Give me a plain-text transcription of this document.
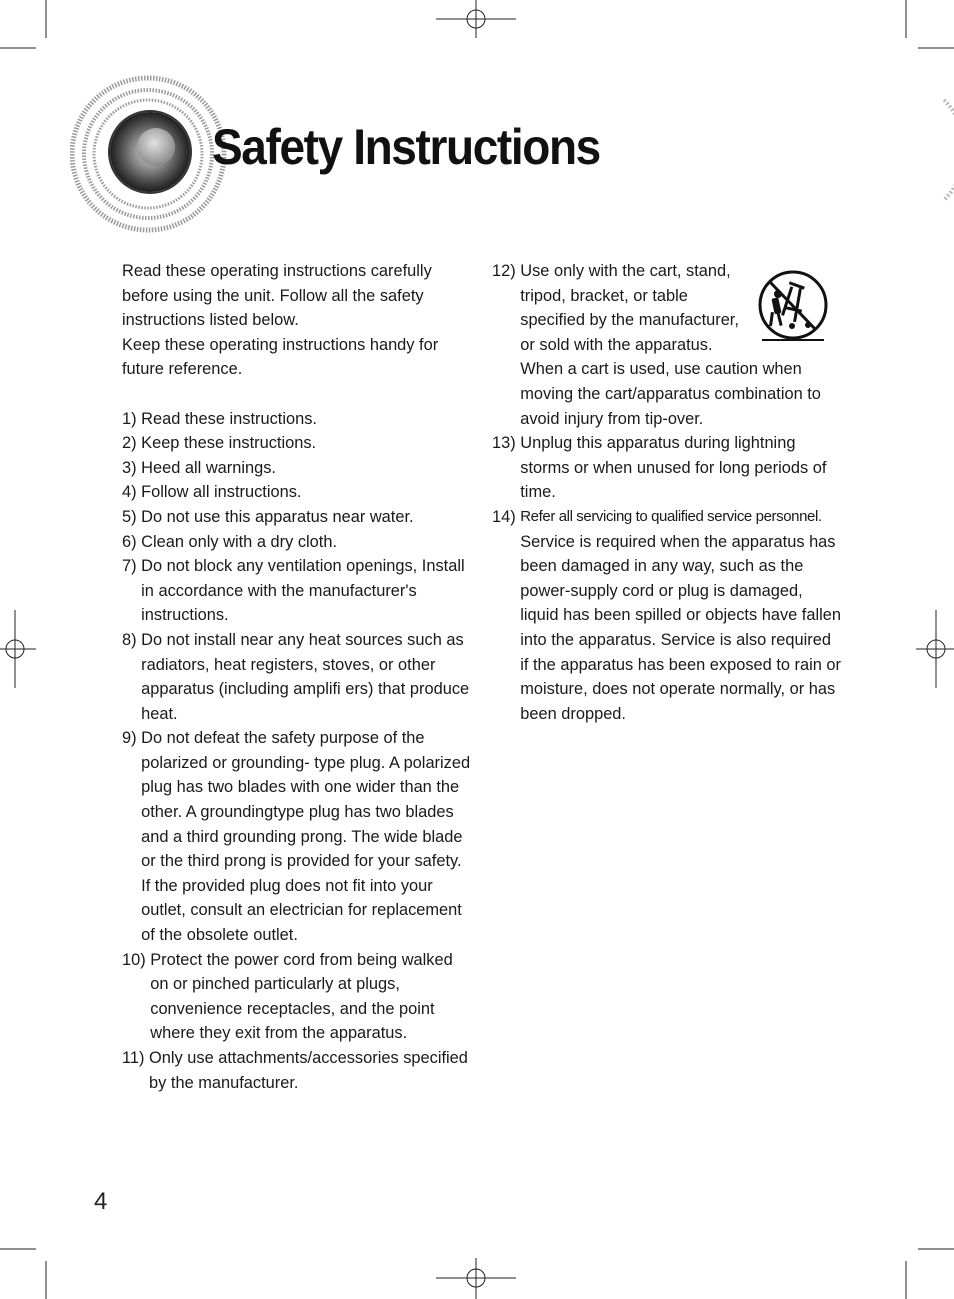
Safety Instructions

Read these operating instructions carefully

before using the unit. Follow all the safety

instructions listed below.

Keep these operating instructions handy for

future reference.

1) Read these instructions.
2) Keep these instructions.
3) Heed all warnings.
4) Follow all instructions.
5) Do not use this apparatus near water.
6) Clean only with a dry cloth.
7) Do not block any ventilation openings, Install
in accordance with the manufacturer's
instructions.
8) Do not install near any heat sources such as
radiators, heat registers, stoves, or other
apparatus (including amplifi ers) that produce
heat.
9) Do not defeat the safety purpose of the
polarized or grounding- type plug. A polarized
plug has two blades with one wider than the
other. A groundingtype plug has two blades
and a third grounding prong. The wide blade
or the third prong is provided for your safety.
If the provided plug does not fit into your
outlet, consult an electrician for replacement
of the obsolete outlet.
10) Protect the power cord from being walked
on or pinched particularly at plugs,
convenience receptacles, and the point
where they exit from the apparatus.
11) Only use attachments/accessories specified
by the manufacturer.
12) Use only with the cart, stand,
tripod, bracket, or table
specified by the manufacturer,
or sold with the apparatus.
When a cart is used, use caution when
moving the cart/apparatus combination to
avoid injury from tip-over.
13) Unplug this apparatus during lightning
storms or when unused for long periods of
time.
14) Refer all servicing to qualified service personnel.
Service is required when the apparatus has
been damaged in any way, such as the
power-supply cord or plug is damaged,
liquid has been spilled or objects have fallen
into the apparatus. Service is also required
if the apparatus has been exposed to rain or
moisture, does not operate normally, or has
been dropped.
4
